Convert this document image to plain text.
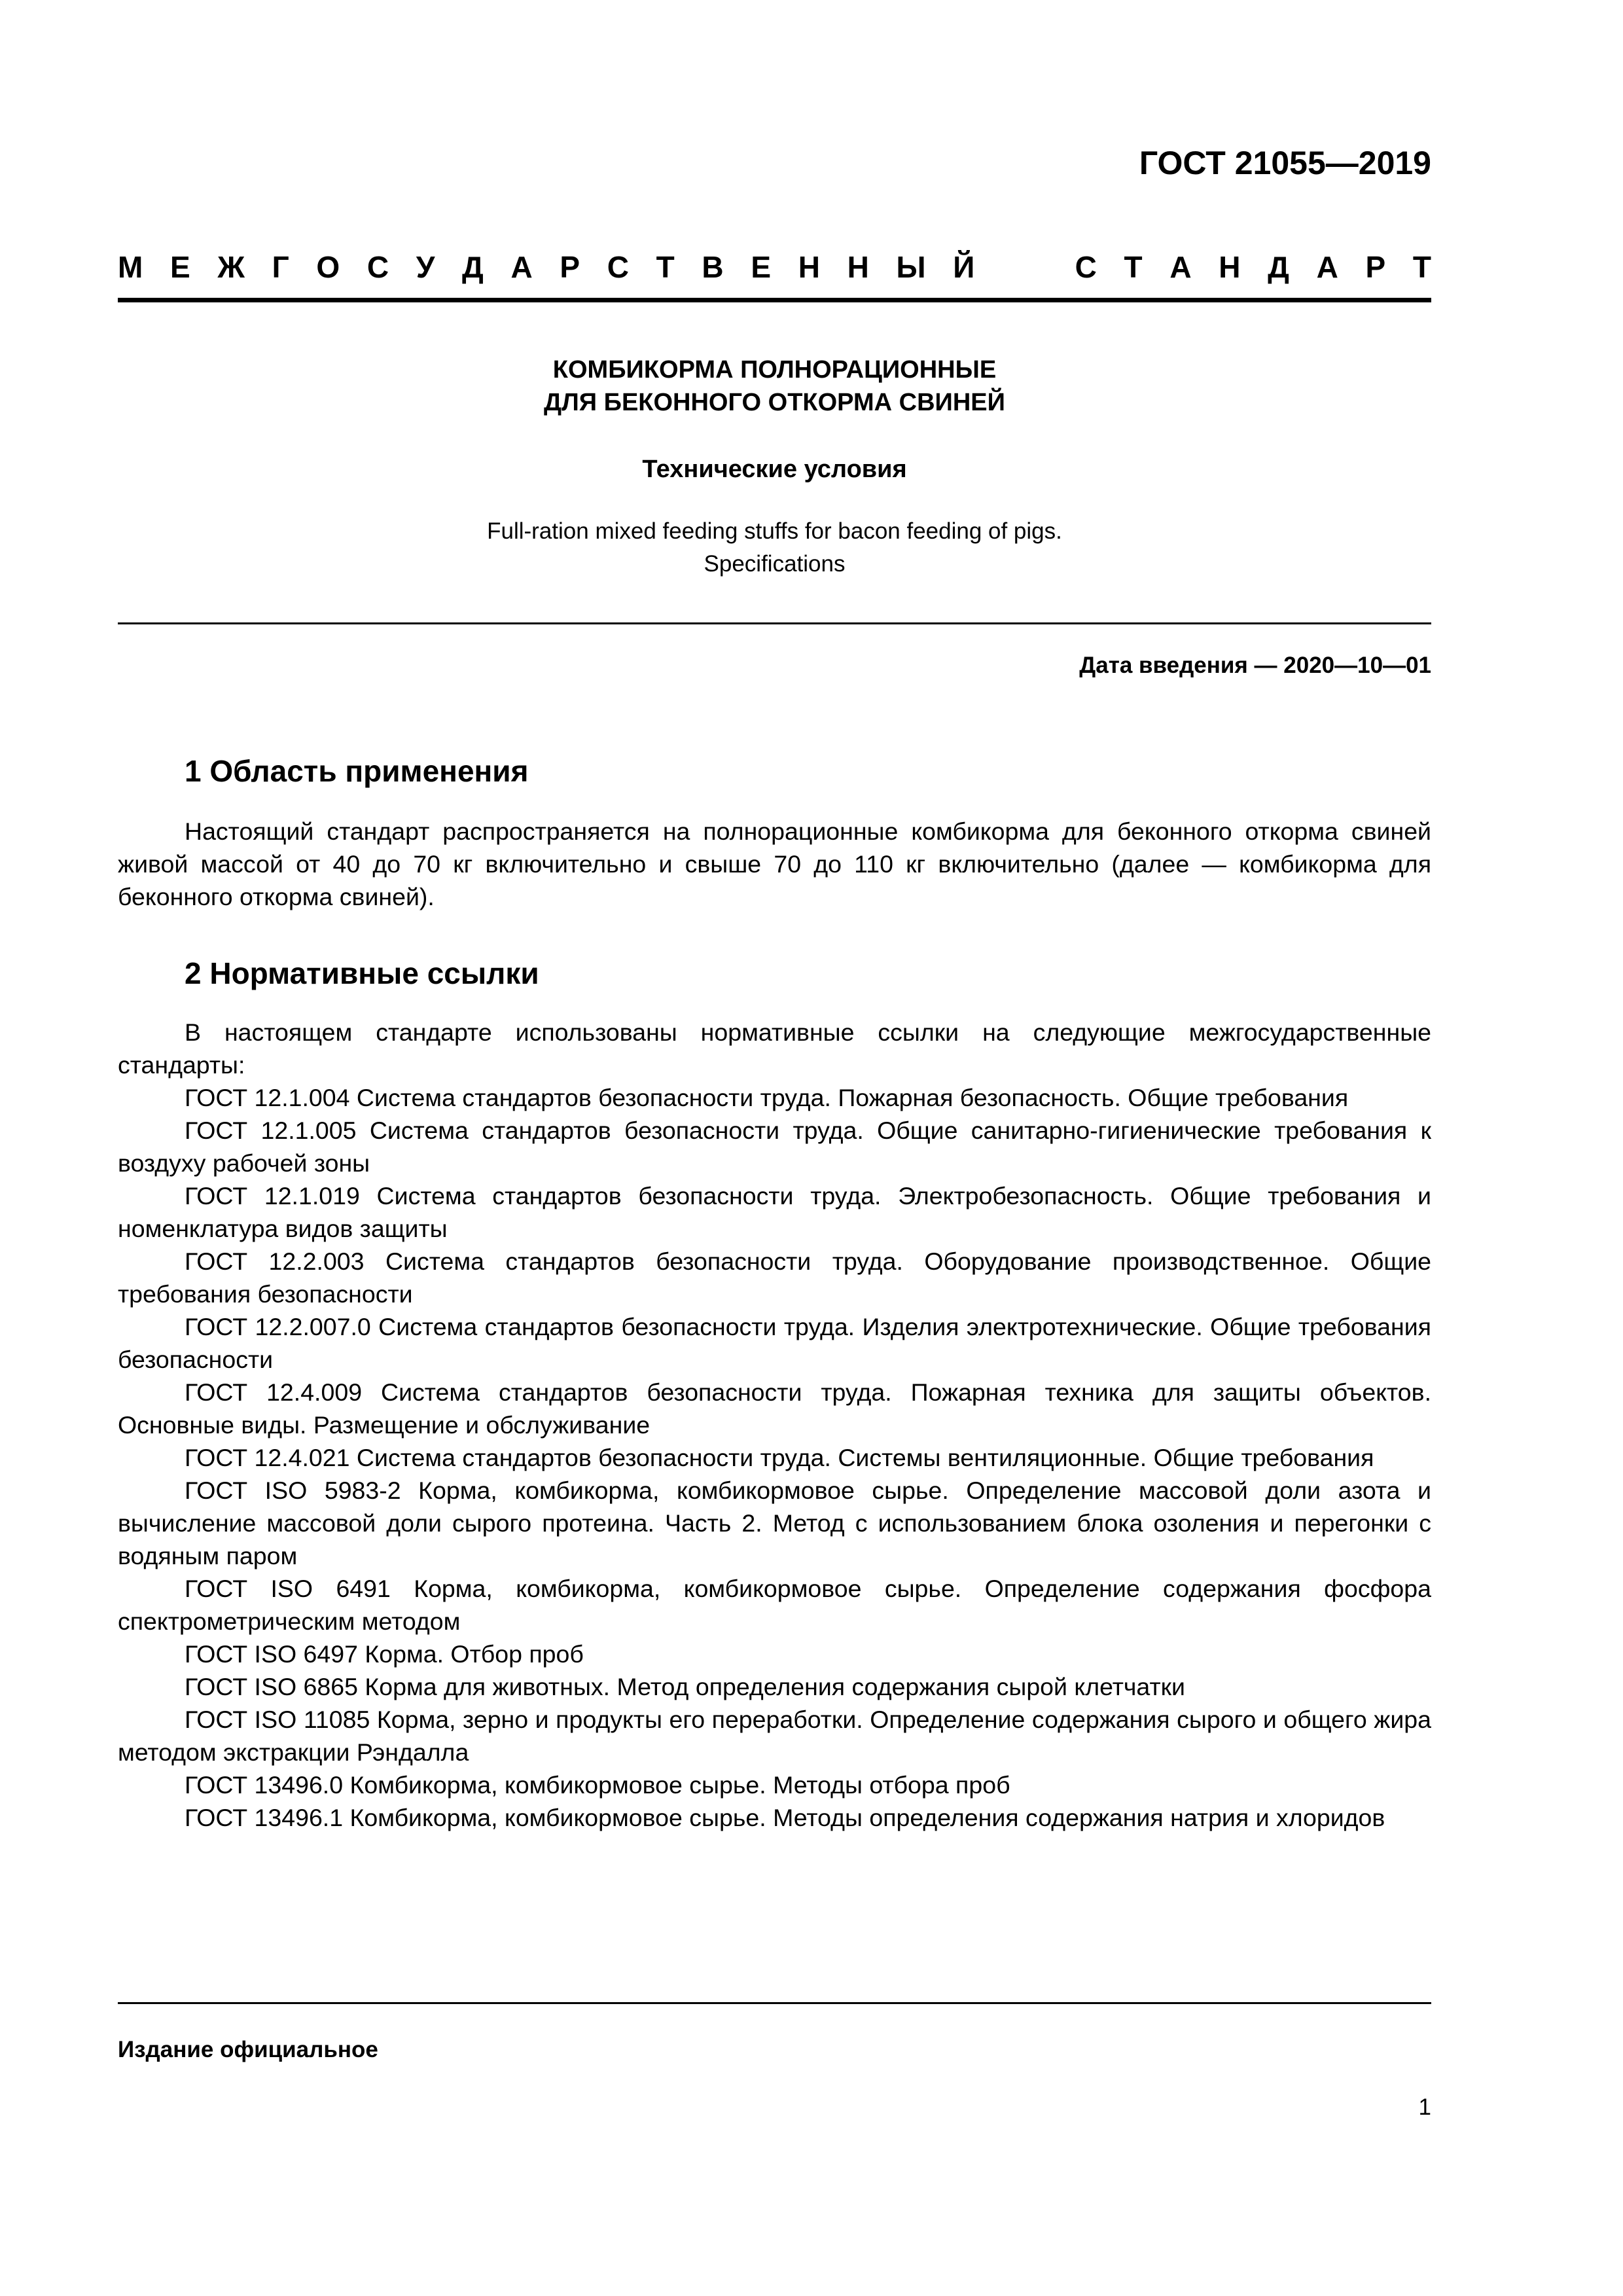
ГОСТ 21055—2019
М Е Ж Г О С У Д А Р С Т В Е Н Н Ы Й	С Т А Н Д А Р Т
КОМБИКОРМА ПОЛНОРАЦИОННЫЕ
ДЛЯ БЕКОННОГО ОТКОРМА СВИНЕЙ
Технические условия
Full-ration mixed feeding stuffs for bacon feeding of pigs.
Specifications
Дата введения — 2020—10—01
1 Область применения

Настоящий стандарт распространяется на полнорационные комбикорма для беконного откорма свиней живой массой от 40 до 70 кг включительно и свыше 70 до 110 кг включительно (далее — комбикорма для беконного откорма свиней).

2 Нормативные ссылки

В настоящем стандарте использованы нормативные ссылки на следующие межгосударственные стандарты:

ГОСТ 12.1.004 Система стандартов безопасности труда. Пожарная безопасность. Общие требования

ГОСТ 12.1.005 Система стандартов безопасности труда. Общие санитарно-гигиенические требования к воздуху рабочей зоны

ГОСТ 12.1.019 Система стандартов безопасности труда. Электробезопасность. Общие требования и номенклатура видов защиты

ГОСТ 12.2.003 Система стандартов безопасности труда. Оборудование производственное. Общие требования безопасности

ГОСТ 12.2.007.0 Система стандартов безопасности труда. Изделия электротехнические. Общие требования безопасности

ГОСТ 12.4.009 Система стандартов безопасности труда. Пожарная техника для защиты объектов. Основные виды. Размещение и обслуживание

ГОСТ 12.4.021 Система стандартов безопасности труда. Системы вентиляционные. Общие требования

ГОСТ ISO 5983-2 Корма, комбикорма, комбикормовое сырье. Определение массовой доли азота и вычисление массовой доли сырого протеина. Часть 2. Метод с использованием блока озоления и перегонки с водяным паром

ГОСТ ISO 6491 Корма, комбикорма, комбикормовое сырье. Определение содержания фосфора спектрометрическим методом

ГОСТ ISO 6497 Корма. Отбор проб

ГОСТ ISO 6865 Корма для животных. Метод определения содержания сырой клетчатки

ГОСТ ISO 11085 Корма, зерно и продукты его переработки. Определение содержания сырого и общего жира методом экстракции Рэндалла

ГОСТ 13496.0 Комбикорма, комбикормовое сырье. Методы отбора проб

ГОСТ 13496.1 Комбикорма, комбикормовое сырье. Методы определения содержания натрия и хлоридов

Издание официальное
1
